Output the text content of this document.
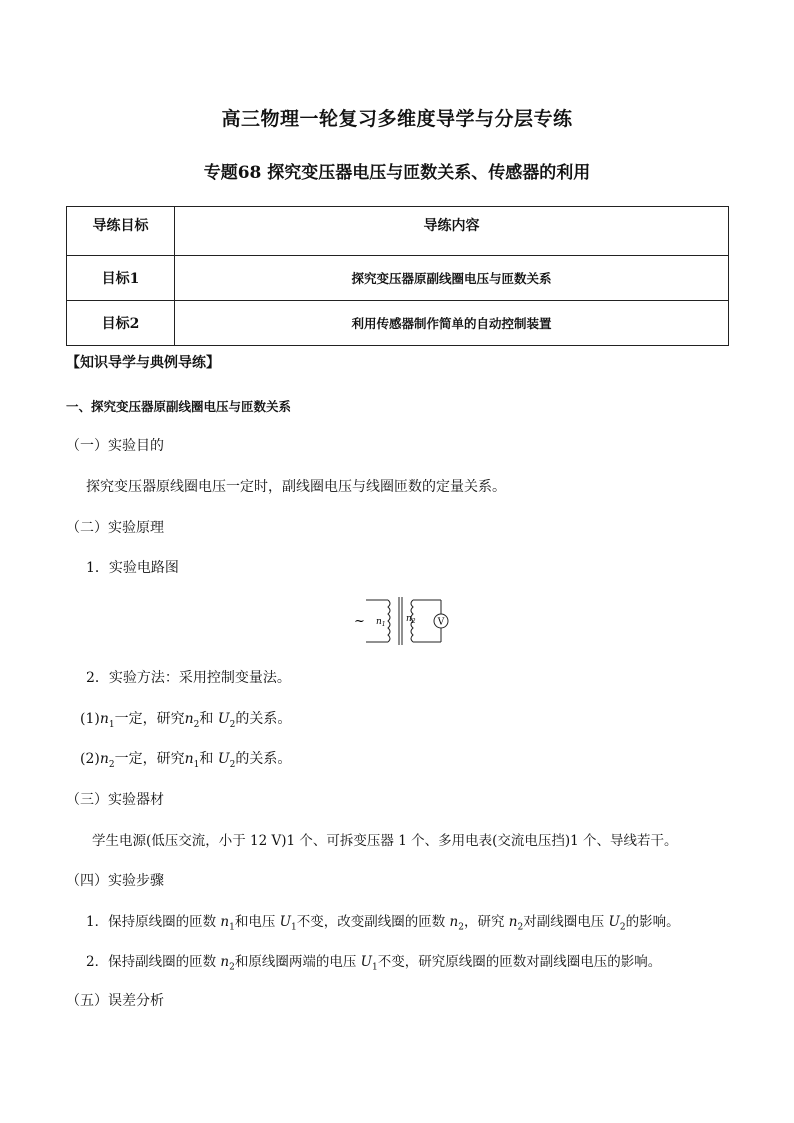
高三物理一轮复习多维度导学与分层专练
专题68 探究变压器电压与匝数关系、传感器的利用
导练目标	导练内容
目标1	探究变压器原副线圈电压与匝数关系
目标2	利用传感器制作简单的自动控制装置
【知识导学与典例导练】
一、探究变压器原副线圈电压与匝数关系
（一）实验目的
探究变压器原线圈电压一定时，副线圈电压与线圈匝数的定量关系。
（二）实验原理
1．实验电路图
V
~ $n_1$
$n_2$
2．实验方法：采用控制变量法。
$(1)n_1$一定，研究$n_2$和 $U_2$的关系。
$(2)n_2$一定，研究$n_1$和 $U_2$的关系。
（三）实验器材
学生电源(低压交流，小于 12 V)1 个、可拆变压器 1 个、多用电表(交流电压挡)1 个、导线若干。
（四）实验步骤
1．保持原线圈的匝数 $n_1$和电压 $U_1$不变，改变副线圈的匝数 $n_2$，研究 $n_2$对副线圈电压 $U_2$的影响。
2．保持副线圈的匝数 $n_2$和原线圈两端的电压 $U_1$不变，研究原线圈的匝数对副线圈电压的影响。
（五）误差分析
